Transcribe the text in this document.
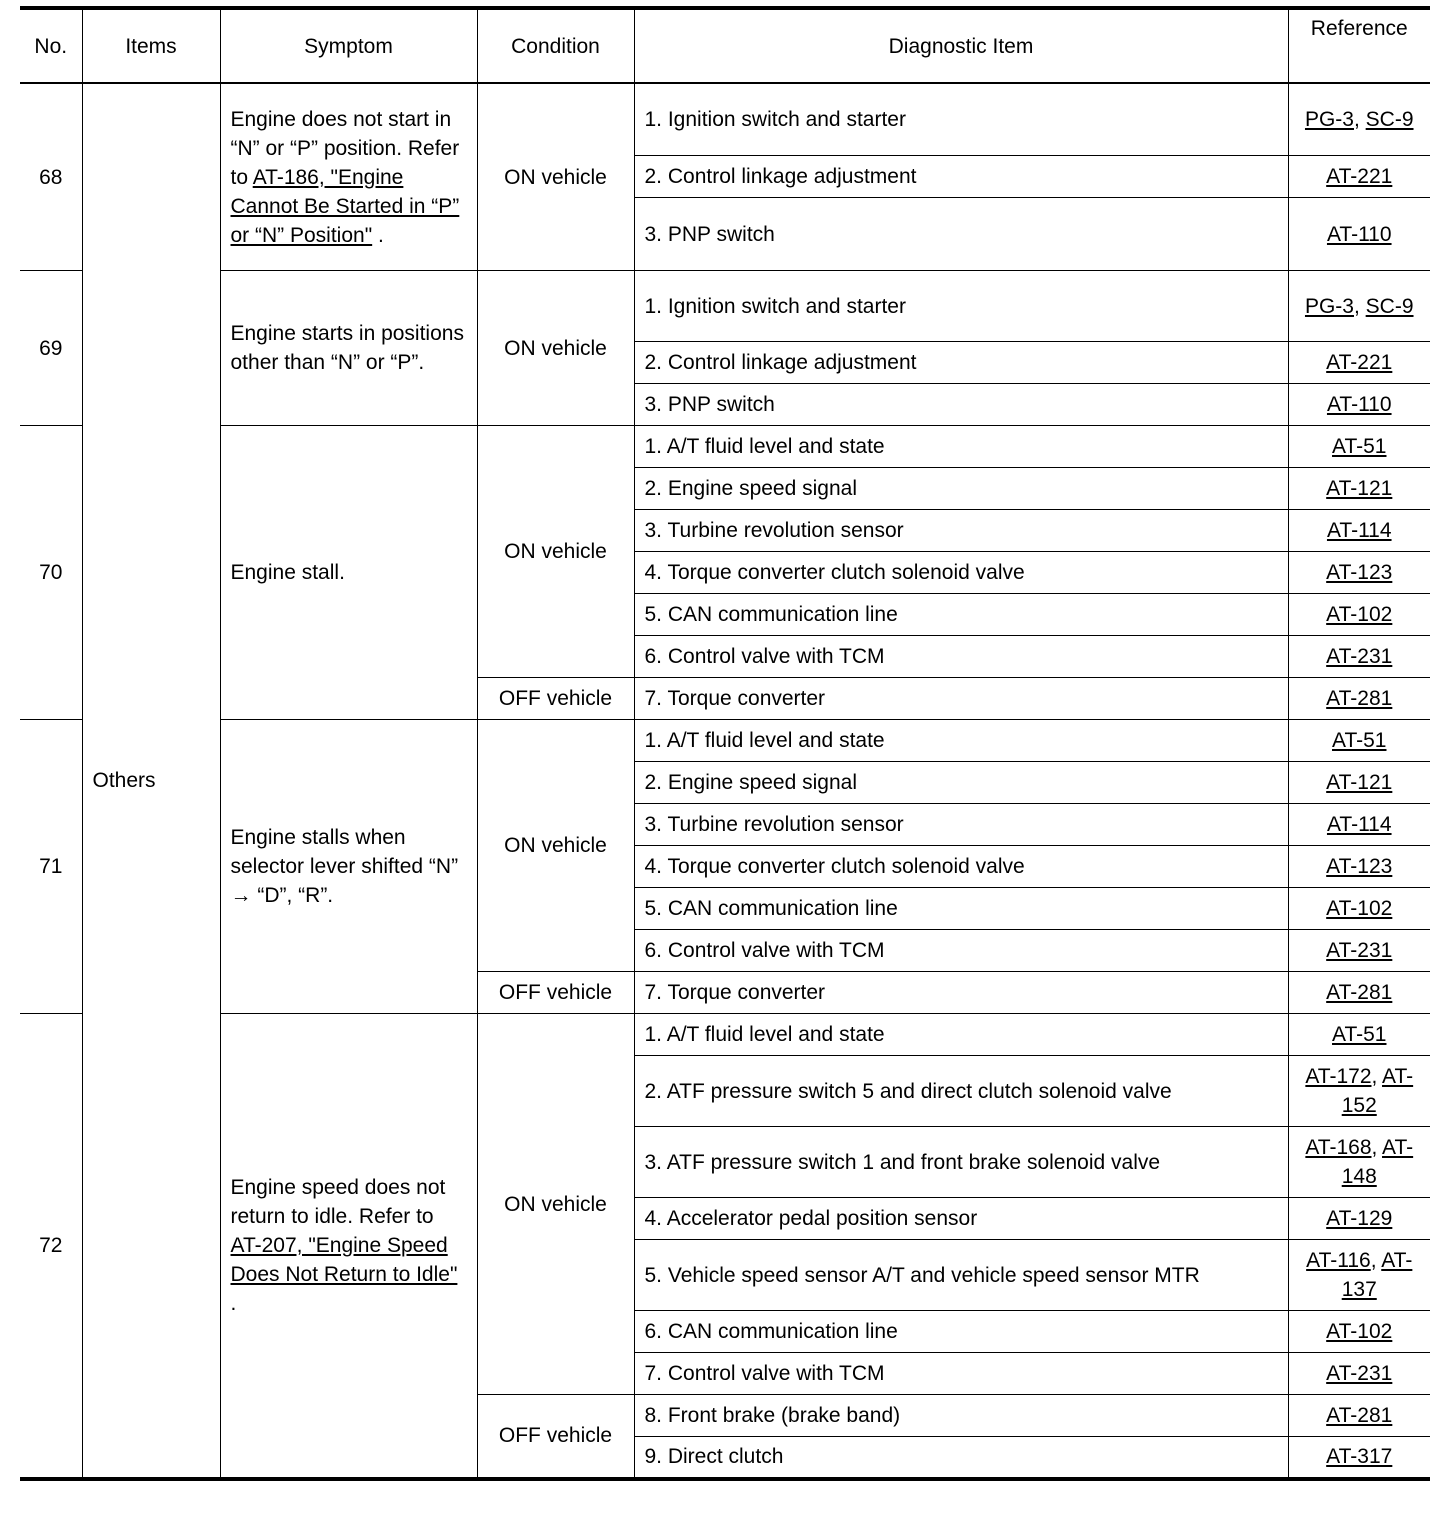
No.	Items	Symptom	Condition	Diagnostic Item	Reference
68	Others	Engine does not start in “N” or “P” position. Refer to AT-186, "Engine Cannot Be Started in “P” or “N” Position" .	ON vehicle	1. Ignition switch and starter	PG-3, SC-9
				2. Control linkage adjustment	AT-221
				3. PNP switch	AT-110
69		Engine starts in positions other than “N” or “P”.	ON vehicle	1. Ignition switch and starter	PG-3, SC-9
				2. Control linkage adjustment	AT-221
				3. PNP switch	AT-110
70		Engine stall.	ON vehicle	1. A/T fluid level and state	AT-51
				2. Engine speed signal	AT-121
				3. Turbine revolution sensor	AT-114
				4. Torque converter clutch solenoid valve	AT-123
				5. CAN communication line	AT-102
				6. Control valve with TCM	AT-231
			OFF vehicle	7. Torque converter	AT-281
71		Engine stalls when selector lever shifted “N” → “D”, “R”.	ON vehicle	1. A/T fluid level and state	AT-51
				2. Engine speed signal	AT-121
				3. Turbine revolution sensor	AT-114
				4. Torque converter clutch solenoid valve	AT-123
				5. CAN communication line	AT-102
				6. Control valve with TCM	AT-231
			OFF vehicle	7. Torque converter	AT-281
72		Engine speed does not return to idle. Refer to AT-207, "Engine Speed Does Not Return to Idle" .	ON vehicle	1. A/T fluid level and state	AT-51
				2. ATF pressure switch 5 and direct clutch solenoid valve	AT-172, AT-152
				3. ATF pressure switch 1 and front brake solenoid valve	AT-168, AT-148
				4. Accelerator pedal position sensor	AT-129
				5. Vehicle speed sensor A/T and vehicle speed sensor MTR	AT-116, AT-137
				6. CAN communication line	AT-102
				7. Control valve with TCM	AT-231
			OFF vehicle	8. Front brake (brake band)	AT-281
				9. Direct clutch	AT-317
